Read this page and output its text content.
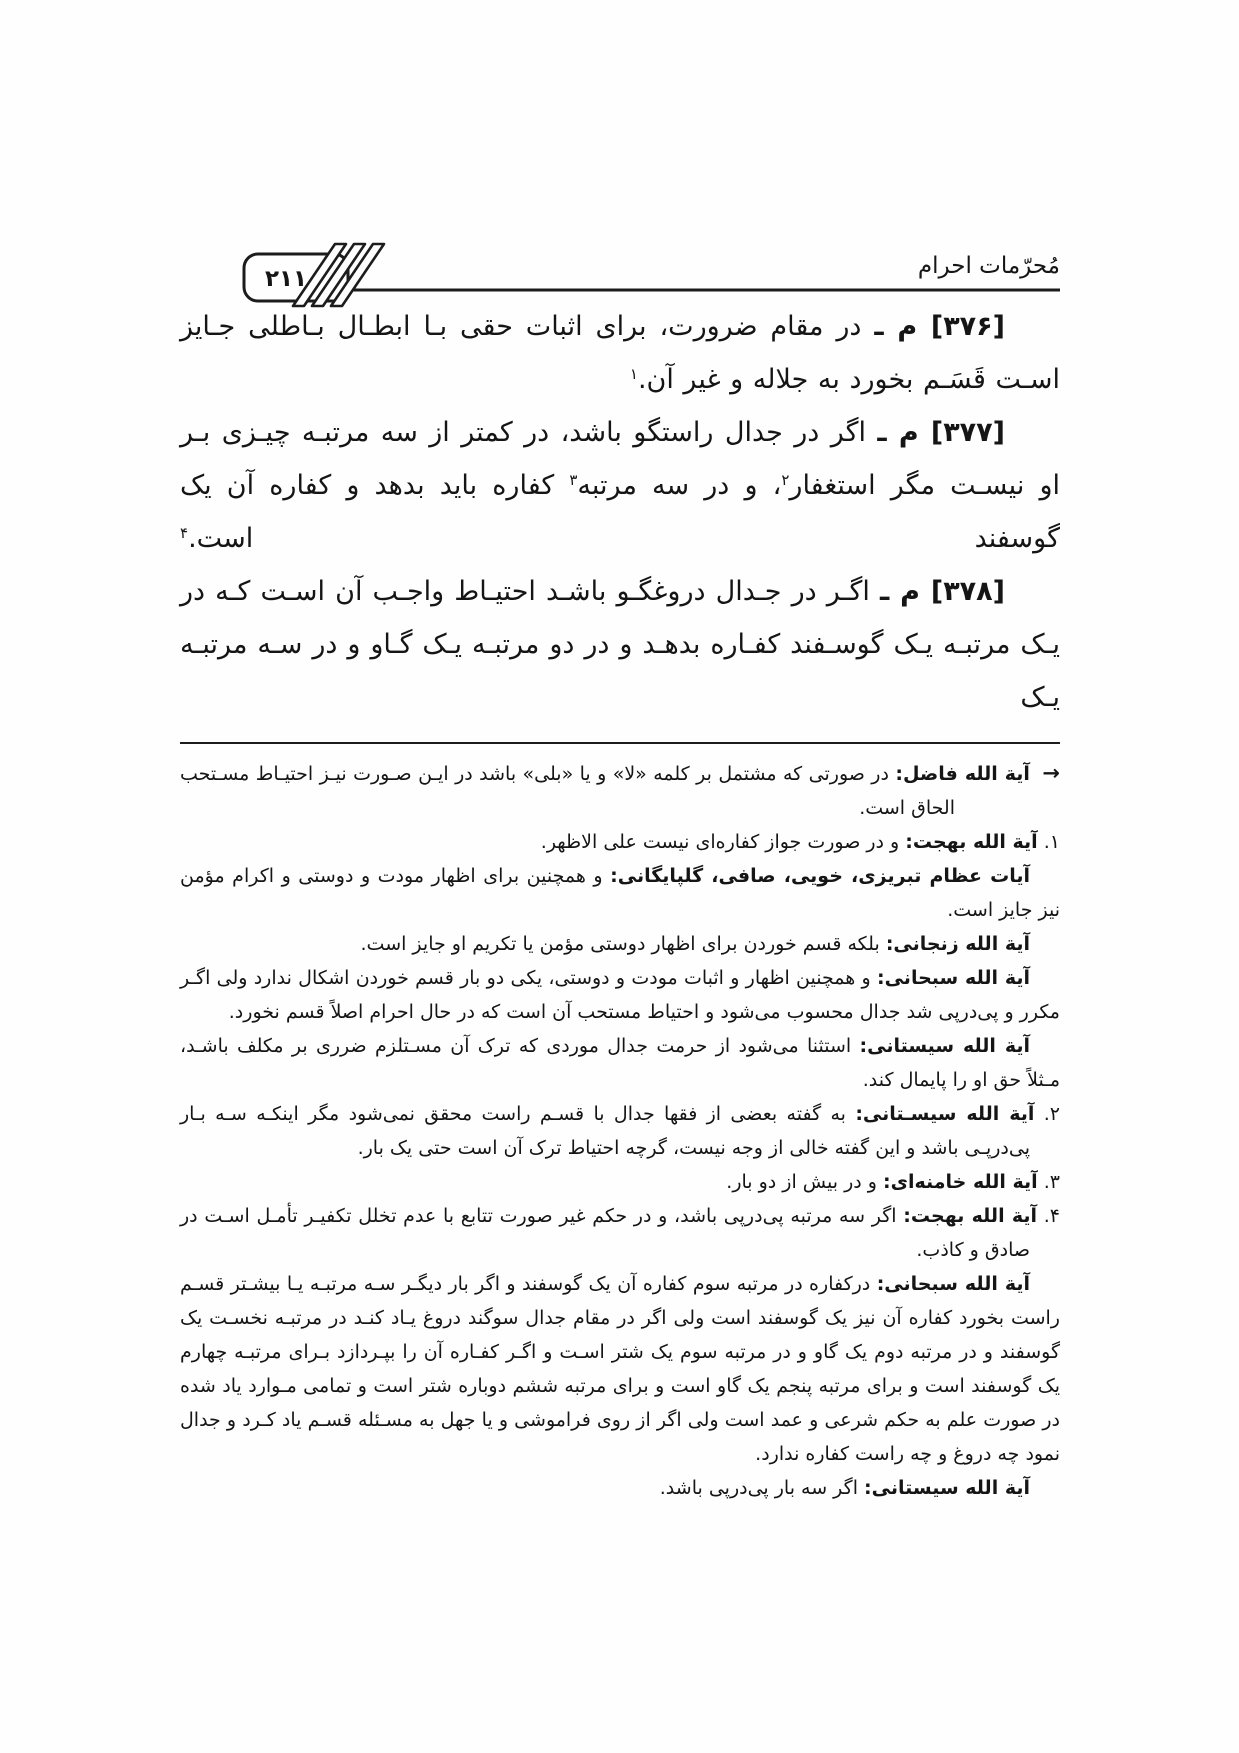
۲۱۱	مُحرّمات احرام

[۳۷۶] م ـ در مقام ضرورت، برای اثبات حقی بـا ابطـال بـاطلی جـایز اسـت قَسَـم بخورد به جلاله و غیر آن.$^۱$

[۳۷۷] م ـ اگر در جدال راستگو باشد، در کمتر از سه مرتبـه چیـزی بـر او نیسـت مگر استغفار$^۲$، و در سه مرتبه$^۳$ کفاره باید بدهد و کفاره آن یک گوسفند است.$^۴$

[۳۷۸] م ـ اگـر در جـدال دروغگـو باشـد احتیـاط واجـب آن اسـت کـه در یـک مرتبـه یـک گوسـفند کفـاره بدهـد و در دو مرتبـه یـک گـاو و در سـه مرتبـه یـک

→ آیة الله فاضل: در صورتی که مشتمل بر کلمه «لا» و یا «بلی» باشد در ایـن صـورت نیـز احتیـاط مسـتحب الحاق است.

۱. آیة الله بهجت: و در صورت جواز کفاره‌ای نیست علی الاظهر.

آیات عظام تبریزی، خویی، صافی، گلپایگانی: و همچنین برای اظهار مودت و دوستی و اکرام مؤمن نیز جایز است.

آیة الله زنجانی: بلکه قسم خوردن برای اظهار دوستی مؤمن یا تکریم او جایز است.

آیة الله سبحانی: و همچنین اظهار و اثبات مودت و دوستی، یکی دو بار قسم خوردن اشکال ندارد ولی اگـر مکرر و پی‌درپی شد جدال محسوب می‌شود و احتیاط مستحب آن است که در حال احرام اصلاً قسم نخورد.

آیة الله سیستانی: استثنا می‌شود از حرمت جدال موردی که ترک آن مسـتلزم ضرری بر مکلف باشـد، مـثلاً حق او را پایمال کند.

۲. آیة الله سیسـتانی: به گفته بعضی از فقها جدال با قسـم راست محقق نمی‌شود مگر اینکـه سـه بـار پی‌درپـی باشد و این گفته خالی از وجه نیست، گرچه احتیاط ترک آن است حتی یک بار.

۳. آیة الله خامنه‌ای: و در بیش از دو بار.

۴. آیة الله بهجت: اگر سه مرتبه پی‌درپی باشد، و در حکم غیر صورت تتابع با عدم تخلل تکفیـر تأمـل اسـت در صادق و کاذب.

آیة الله سبحانی: درکفاره در مرتبه سوم کفاره آن یک گوسفند و اگر بار دیگـر سـه مرتبـه یـا بیشـتر قسـم راست بخورد کفاره آن نیز یک گوسفند است ولی اگر در مقام جدال سوگند دروغ یـاد کنـد در مرتبـه نخسـت یک گوسفند و در مرتبه دوم یک گاو و در مرتبه سوم یک شتر اسـت و اگـر کفـاره آن را بپـردازد بـرای مرتبـه چهارم یک گوسفند است و برای مرتبه پنجم یک گاو است و برای مرتبه ششم دوباره شتر است و تمامی مـوارد یاد شده در صورت علم به حکم شرعی و عمد است ولی اگر از روی فراموشی و یا جهل به مسـئله قسـم یاد کـرد و جدال نمود چه دروغ و چه راست کفاره ندارد.

آیة الله سیستانی: اگر سه بار پی‌درپی باشد.
